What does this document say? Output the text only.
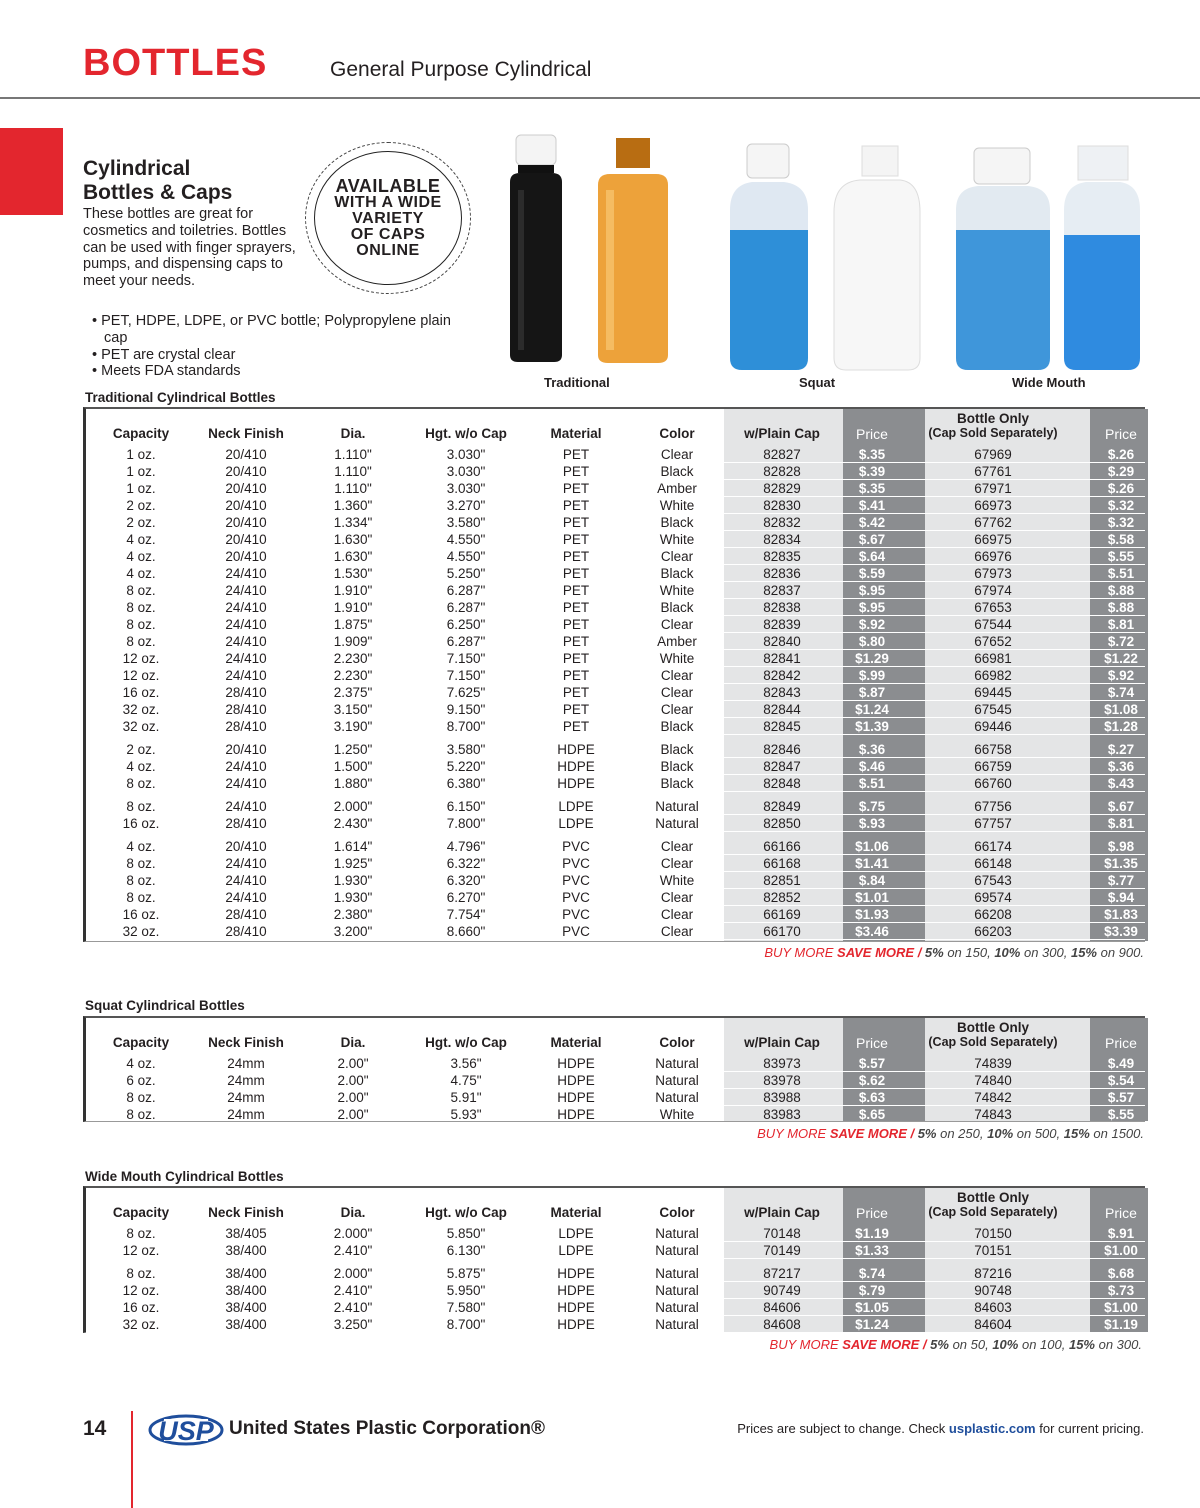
BOTTLES	General Purpose Cylindrical
Cylindrical
Bottles & Caps
These bottles are great for cosmetics and toiletries. Bottles can be used with finger sprayers, pumps, and dispensing caps to meet your needs.
• PET, HDPE, LDPE, or PVC bottle; Polypropylene plain cap
• PET are crystal clear
• Meets FDA standards
AVAILABLE
WITH A WIDE
VARIETY
OF CAPS
ONLINE
Traditional	Squat	Wide Mouth
Traditional Cylindrical Bottles
Capacity	Neck Finish	Dia.	Hgt. w/o Cap	Material	Color	w/Plain Cap	Price	Price
Bottle Only
(Cap Sold Separately)
1 oz.	20/410	1.110"	3.030"	PET	Clear	82827	$.35	67969	$.26
1 oz.	20/410	1.110"	3.030"	PET	Black	82828	$.39	67761	$.29
1 oz.	20/410	1.110"	3.030"	PET	Amber	82829	$.35	67971	$.26
2 oz.	20/410	1.360"	3.270"	PET	White	82830	$.41	66973	$.32
2 oz.	20/410	1.334"	3.580"	PET	Black	82832	$.42	67762	$.32
4 oz.	20/410	1.630"	4.550"	PET	White	82834	$.67	66975	$.58
4 oz.	20/410	1.630"	4.550"	PET	Clear	82835	$.64	66976	$.55
4 oz.	24/410	1.530"	5.250"	PET	Black	82836	$.59	67973	$.51
8 oz.	24/410	1.910"	6.287"	PET	White	82837	$.95	67974	$.88
8 oz.	24/410	1.910"	6.287"	PET	Black	82838	$.95	67653	$.88
8 oz.	24/410	1.875"	6.250"	PET	Clear	82839	$.92	67544	$.81
8 oz.	24/410	1.909"	6.287"	PET	Amber	82840	$.80	67652	$.72
12 oz.	24/410	2.230"	7.150"	PET	White	82841	$1.29	66981	$1.22
12 oz.	24/410	2.230"	7.150"	PET	Clear	82842	$.99	66982	$.92
16 oz.	28/410	2.375"	7.625"	PET	Clear	82843	$.87	69445	$.74
32 oz.	28/410	3.150"	9.150"	PET	Clear	82844	$1.24	67545	$1.08
32 oz.	28/410	3.190"	8.700"	PET	Black	82845	$1.39	69446	$1.28
2 oz.	20/410	1.250"	3.580"	HDPE	Black	82846	$.36	66758	$.27
4 oz.	24/410	1.500"	5.220"	HDPE	Black	82847	$.46	66759	$.36
8 oz.	24/410	1.880"	6.380"	HDPE	Black	82848	$.51	66760	$.43
8 oz.	24/410	2.000"	6.150"	LDPE	Natural	82849	$.75	67756	$.67
16 oz.	28/410	2.430"	7.800"	LDPE	Natural	82850	$.93	67757	$.81
4 oz.	20/410	1.614"	4.796"	PVC	Clear	66166	$1.06	66174	$.98
8 oz.	24/410	1.925"	6.322"	PVC	Clear	66168	$1.41	66148	$1.35
8 oz.	24/410	1.930"	6.320"	PVC	White	82851	$.84	67543	$.77
8 oz.	24/410	1.930"	6.270"	PVC	Clear	82852	$1.01	69574	$.94
16 oz.	28/410	2.380"	7.754"	PVC	Clear	66169	$1.93	66208	$1.83
32 oz.	28/410	3.200"	8.660"	PVC	Clear	66170	$3.46	66203	$3.39
BUY MORE SAVE MORE / 5% on 150, 10% on 300, 15% on 900.
Squat Cylindrical Bottles
Capacity	Neck Finish	Dia.	Hgt. w/o Cap	Material	Color	w/Plain Cap	Price	Price
Bottle Only
(Cap Sold Separately)
4 oz.	24mm	2.00"	3.56"	HDPE	Natural	83973	$.57	74839	$.49
6 oz.	24mm	2.00"	4.75"	HDPE	Natural	83978	$.62	74840	$.54
8 oz.	24mm	2.00"	5.91"	HDPE	Natural	83988	$.63	74842	$.57
8 oz.	24mm	2.00"	5.93"	HDPE	White	83983	$.65	74843	$.55
BUY MORE SAVE MORE / 5% on 250, 10% on 500, 15% on 1500.
Wide Mouth Cylindrical Bottles
Capacity	Neck Finish	Dia.	Hgt. w/o Cap	Material	Color	w/Plain Cap	Price	Price
Bottle Only
(Cap Sold Separately)
8 oz.	38/405	2.000"	5.850"	LDPE	Natural	70148	$1.19	70150	$.91
12 oz.	38/400	2.410"	6.130"	LDPE	Natural	70149	$1.33	70151	$1.00
8 oz.	38/400	2.000"	5.875"	HDPE	Natural	87217	$.74	87216	$.68
12 oz.	38/400	2.410"	5.950"	HDPE	Natural	90749	$.79	90748	$.73
16 oz.	38/400	2.410"	7.580"	HDPE	Natural	84606	$1.05	84603	$1.00
32 oz.	38/400	3.250"	8.700"	HDPE	Natural	84608	$1.24	84604	$1.19
BUY MORE SAVE MORE / 5% on 50, 10% on 100, 15% on 300.
14 USP United States Plastic Corporation®	Prices are subject to change. Check usplastic.com for current pricing.
